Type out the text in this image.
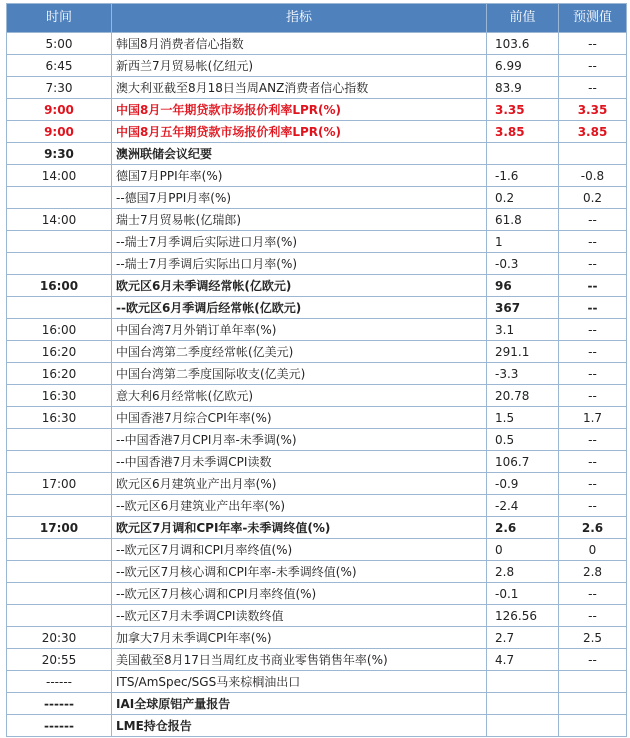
时间	指标	前值	预测值
5:00	韩国8月消费者信心指数	103.6	--
6:45	新西兰7月贸易帐(亿纽元)	6.99	--
7:30	澳大利亚截至8月18日当周ANZ消费者信心指数	83.9	--
9:00	中国8月一年期贷款市场报价利率LPR(%)	3.35	3.35
9:00	中国8月五年期贷款市场报价利率LPR(%)	3.85	3.85
9:30	澳洲联储会议纪要		
14:00	德国7月PPI年率(%)	-1.6	-0.8
	--德国7月PPI月率(%)	0.2	0.2
14:00	瑞士7月贸易帐(亿瑞郎)	61.8	--
	--瑞士7月季调后实际进口月率(%)	1	--
	--瑞士7月季调后实际出口月率(%)	-0.3	--
16:00	欧元区6月未季调经常帐(亿欧元)	96	--
	--欧元区6月季调后经常帐(亿欧元)	367	--
16:00	中国台湾7月外销订单年率(%)	3.1	--
16:20	中国台湾第二季度经常帐(亿美元)	291.1	--
16:20	中国台湾第二季度国际收支(亿美元)	-3.3	--
16:30	意大利6月经常帐(亿欧元)	20.78	--
16:30	中国香港7月综合CPI年率(%)	1.5	1.7
	--中国香港7月CPI月率-未季调(%)	0.5	--
	--中国香港7月未季调CPI读数	106.7	--
17:00	欧元区6月建筑业产出月率(%)	-0.9	--
	--欧元区6月建筑业产出年率(%)	-2.4	--
17:00	欧元区7月调和CPI年率-未季调终值(%)	2.6	2.6
	--欧元区7月调和CPI月率终值(%)	0	0
	--欧元区7月核心调和CPI年率-未季调终值(%)	2.8	2.8
	--欧元区7月核心调和CPI月率终值(%)	-0.1	--
	--欧元区7月未季调CPI读数终值	126.56	--
20:30	加拿大7月未季调CPI年率(%)	2.7	2.5
20:55	美国截至8月17日当周红皮书商业零售销售年率(%)	4.7	--
------	ITS/AmSpec/SGS马来棕榈油出口		
------	IAI全球原铝产量报告		
------	LME持仓报告		
